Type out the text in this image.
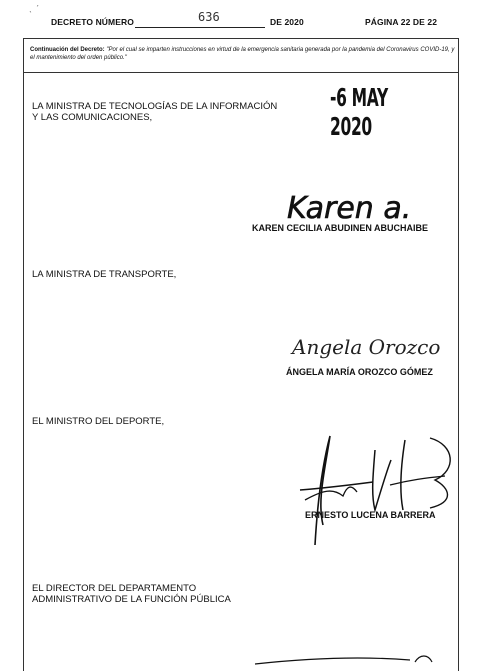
ˊ
ˋ
DECRETO NÚMERO	636	DE 2020	PÁGINA 22 DE 22
Continuación del Decreto: "Por el cual se imparten instrucciones en virtud de la emergencia sanitaria generada por la pandemia del Coronavirus COVID-19, y el mantenimiento del orden público."
-6 MAY 2020
LA MINISTRA DE TECNOLOGÍAS DE LA INFORMACIÓN
Y LAS COMUNICACIONES,
Karen a.
KAREN CECILIA ABUDINEN ABUCHAIBE
LA MINISTRA DE TRANSPORTE,
Angela Orozco
ÁNGELA MARÍA OROZCO GÓMEZ
EL MINISTRO DEL DEPORTE,
ERNESTO LUCENA BARRERA
EL DIRECTOR DEL DEPARTAMENTO
ADMINISTRATIVO DE LA FUNCIÓN PÚBLICA
